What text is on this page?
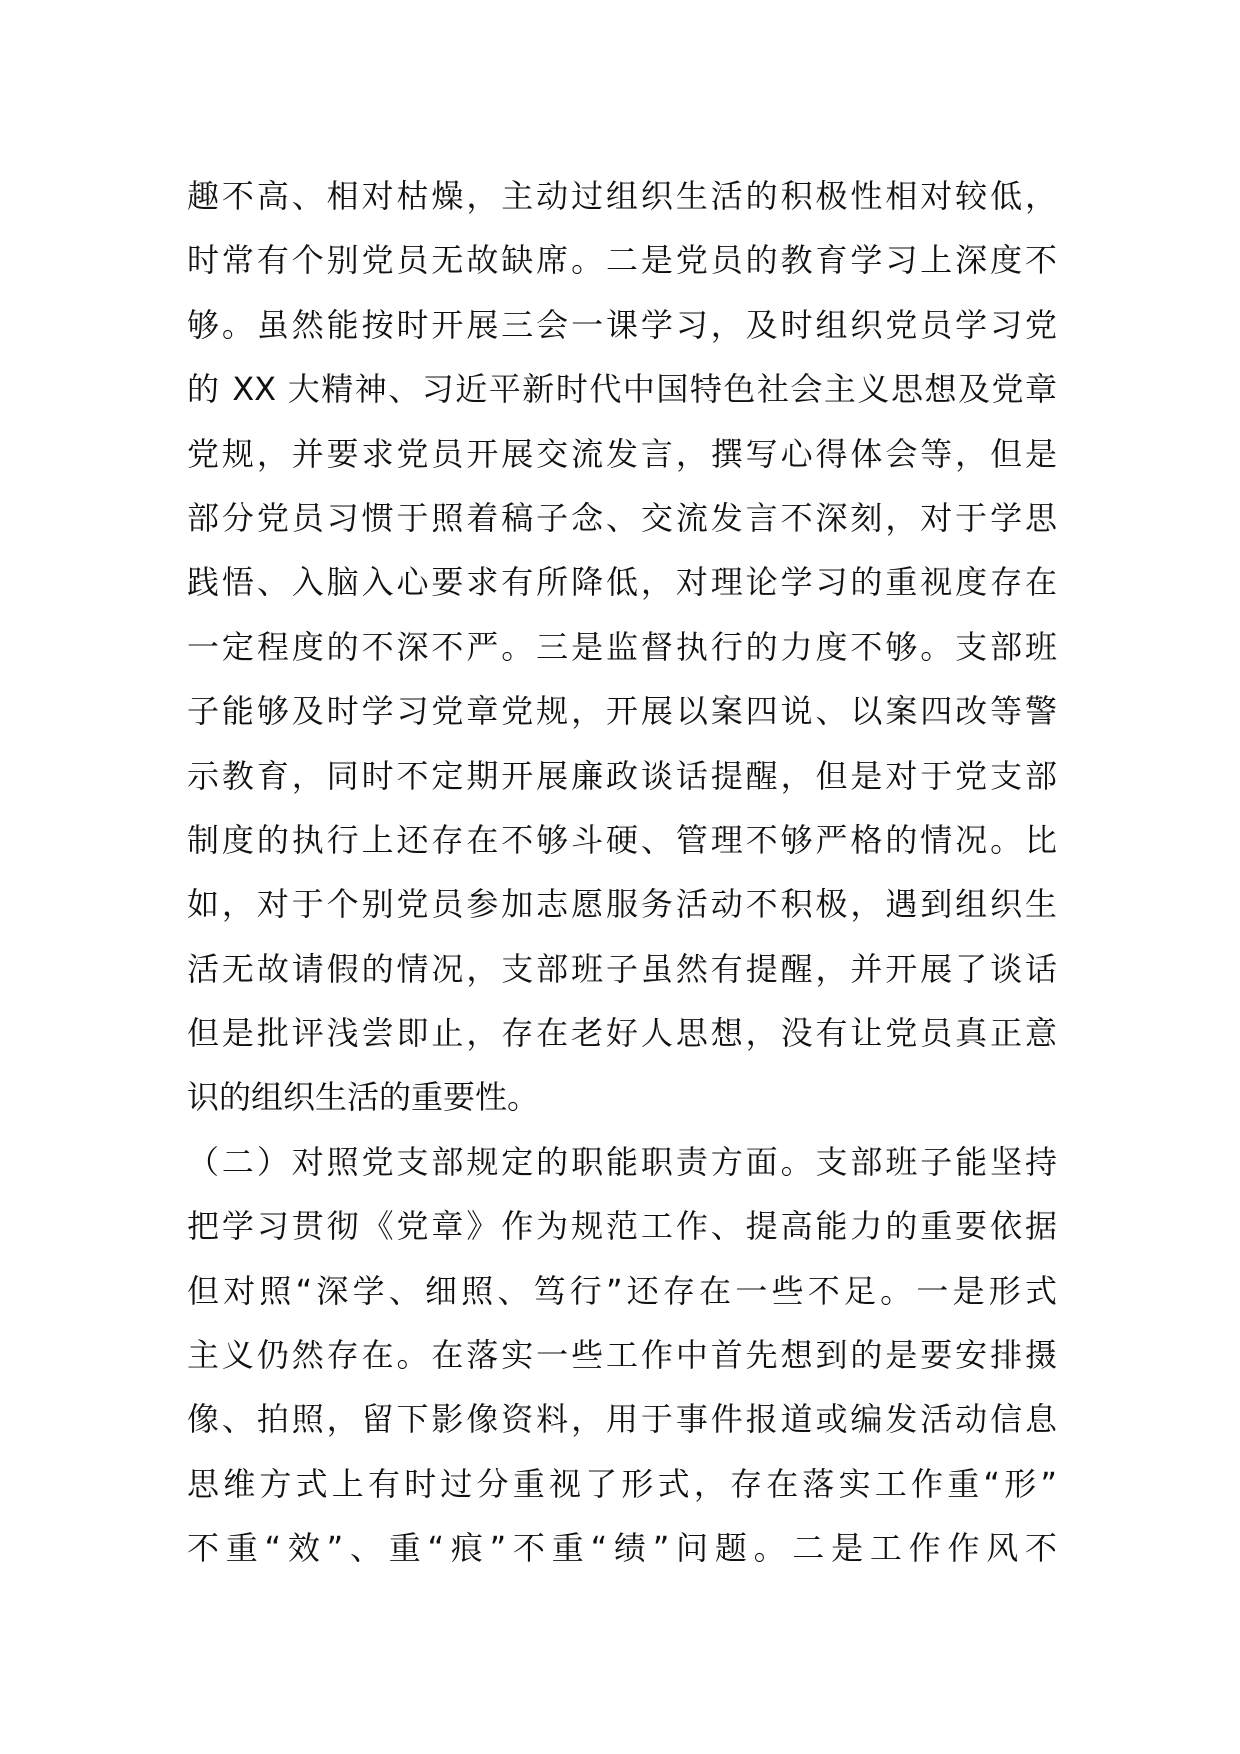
趣不高、相对枯燥，主动过组织生活的积极性相对较低，
时常有个别党员无故缺席。二是党员的教育学习上深度不
够。虽然能按时开展三会一课学习，及时组织党员学习党
的 XX 大精神、习近平新时代中国特色社会主义思想及党章
党规，并要求党员开展交流发言，撰写心得体会等，但是
部分党员习惯于照着稿子念、交流发言不深刻，对于学思
践悟、入脑入心要求有所降低，对理论学习的重视度存在
一定程度的不深不严。三是监督执行的力度不够。支部班
子能够及时学习党章党规，开展以案四说、以案四改等警
示教育，同时不定期开展廉政谈话提醒，但是对于党支部
制度的执行上还存在不够斗硬、管理不够严格的情况。比
如，对于个别党员参加志愿服务活动不积极，遇到组织生
活无故请假的情况，支部班子虽然有提醒，并开展了谈话
但是批评浅尝即止，存在老好人思想，没有让党员真正意
识的组织生活的重要性。
（二）对照党支部规定的职能职责方面。支部班子能坚持
把学习贯彻《党章》作为规范工作、提高能力的重要依据
但对照“深学、细照、笃行”还存在一些不足。一是形式
主义仍然存在。在落实一些工作中首先想到的是要安排摄
像、拍照，留下影像资料，用于事件报道或编发活动信息
思维方式上有时过分重视了形式，存在落实工作重“形”
不重“效”、重“痕”不重“绩”问题。二是工作作风不
